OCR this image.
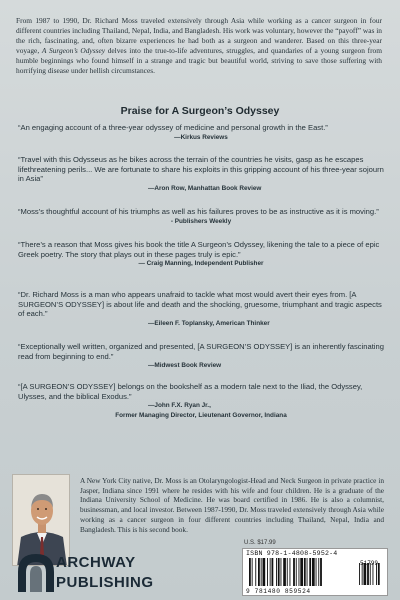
From 1987 to 1990, Dr. Richard Moss traveled extensively through Asia while working as a cancer surgeon in four different countries including Thailand, Nepal, India, and Bangladesh. His work was voluntary, however the “payoff” was in the rich, fascinating, and, often bizarre experiences he had both as a surgeon and wanderer. Based on this three-year voyage, A Surgeon’s Odyssey delves into the true-to-life adventures, struggles, and quandaries of a young surgeon from humble beginnings who found himself in a strange and tragic but beautiful world, striving to save those suffering with horrifying disease under hellish circumstances.

Praise for A Surgeon’s Odyssey
“An engaging account of a three-year odyssey of medicine and personal growth in the East.”
—Kirkus Reviews
“Travel with this Odysseus as he bikes across the terrain of the countries he visits, gasp as he escapes lifethreatening perils... We are fortunate to share his exploits in this gripping account of his three-year sojourn in Asia”
—Aron Row, Manhattan Book Review
“Moss’s thoughtful account of his triumphs as well as his failures proves to be as instructive as it is moving.”
- Publishers Weekly
“There’s a reason that Moss gives his book the title A Surgeon’s Odyssey, likening the tale to a piece of epic Greek poetry. The story that plays out in these pages truly is epic.”
— Craig Manning, Independent Publisher
“Dr. Richard Moss is a man who appears unafraid to tackle what most would avert their eyes from. [A SURGEON’S ODYSSEY] is about life and death and the shocking, gruesome, triumphant and tragic aspects of each.”
—Eileen F. Toplansky, American Thinker
“Exceptionally well written, organized and presented, [A SURGEON’S ODYSSEY] is an inherently fascinating read from beginning to end.”
—Midwest Book Review
“[A SURGEON’S ODYSSEY] belongs on the bookshelf as a modern tale next to the Iliad, the Odyssey, Ulysses, and the biblical Exodus.”
—John F.X. Ryan Jr.,
Former Managing Director, Lieutenant Governor, Indiana

A New York City native, Dr. Moss is an Otolaryngologist-Head and Neck Surgeon in private practice in Jasper, Indiana since 1991 where he resides with his wife and four children. He is a graduate of the Indiana University School of Medicine. He was board certified in 1986. He is also a columnist, businessman, and local investor. Between 1987-1990, Dr. Moss traveled extensively through Asia while working as a cancer surgeon in four different countries including Thailand, Nepal, India and Bangladesh. This is his second book.

ARCHWAY
PUBLISHING
U.S. $17.99
ISBN 978-1-4808-5952-4
9 781480 859524
51799
